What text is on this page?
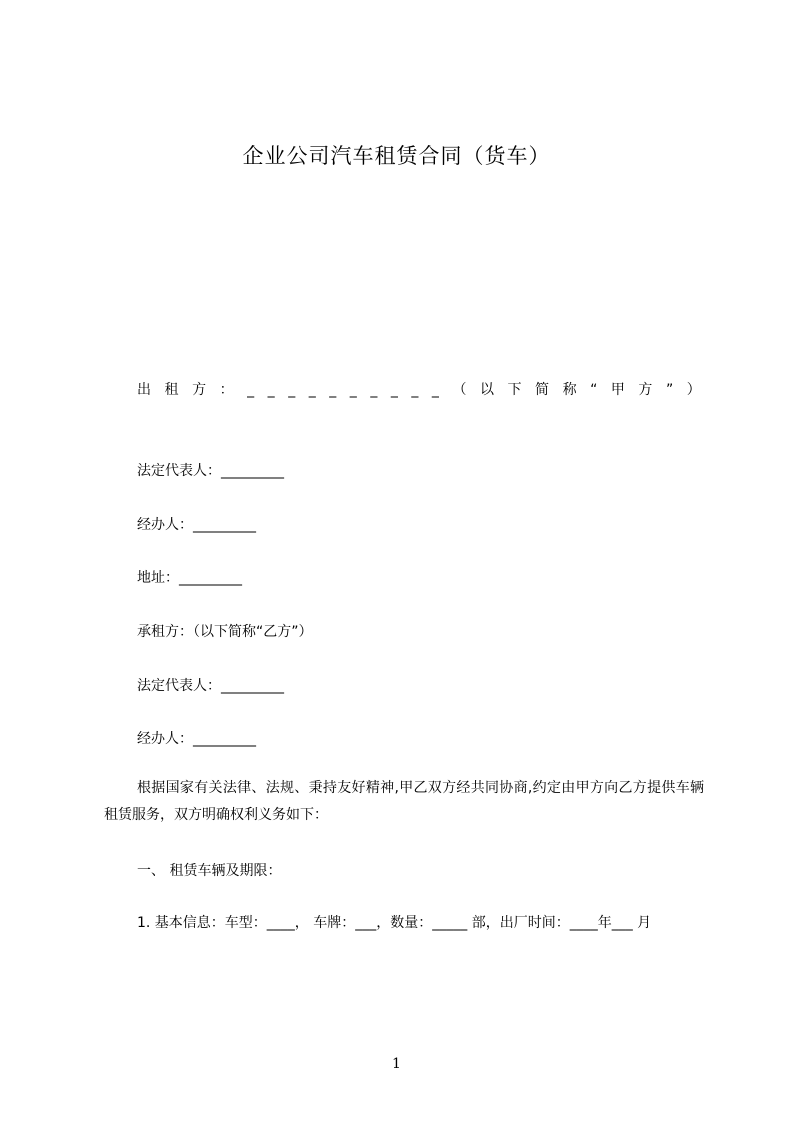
企业公司汽车租赁合同（货车）
出 租 方 ： _ _ _ _ _ _ _ _ _ _ （ 以 下 简 称 “ 甲 方 ” ）
法定代表人：_________
经办人：_________
地址：_________
承租方：（以下简称“乙方”）
法定代表人：_________
经办人：_________
根据国家有关法律、法规、秉持友好精神,甲乙双方经共同协商,约定由甲方向乙方提供车辆租赁服务，双方明确权利义务如下：
一、 租赁车辆及期限：
1. 基本信息：车型：____， 车牌：___，数量：_____ 部，出厂时间：____年___ 月
1
